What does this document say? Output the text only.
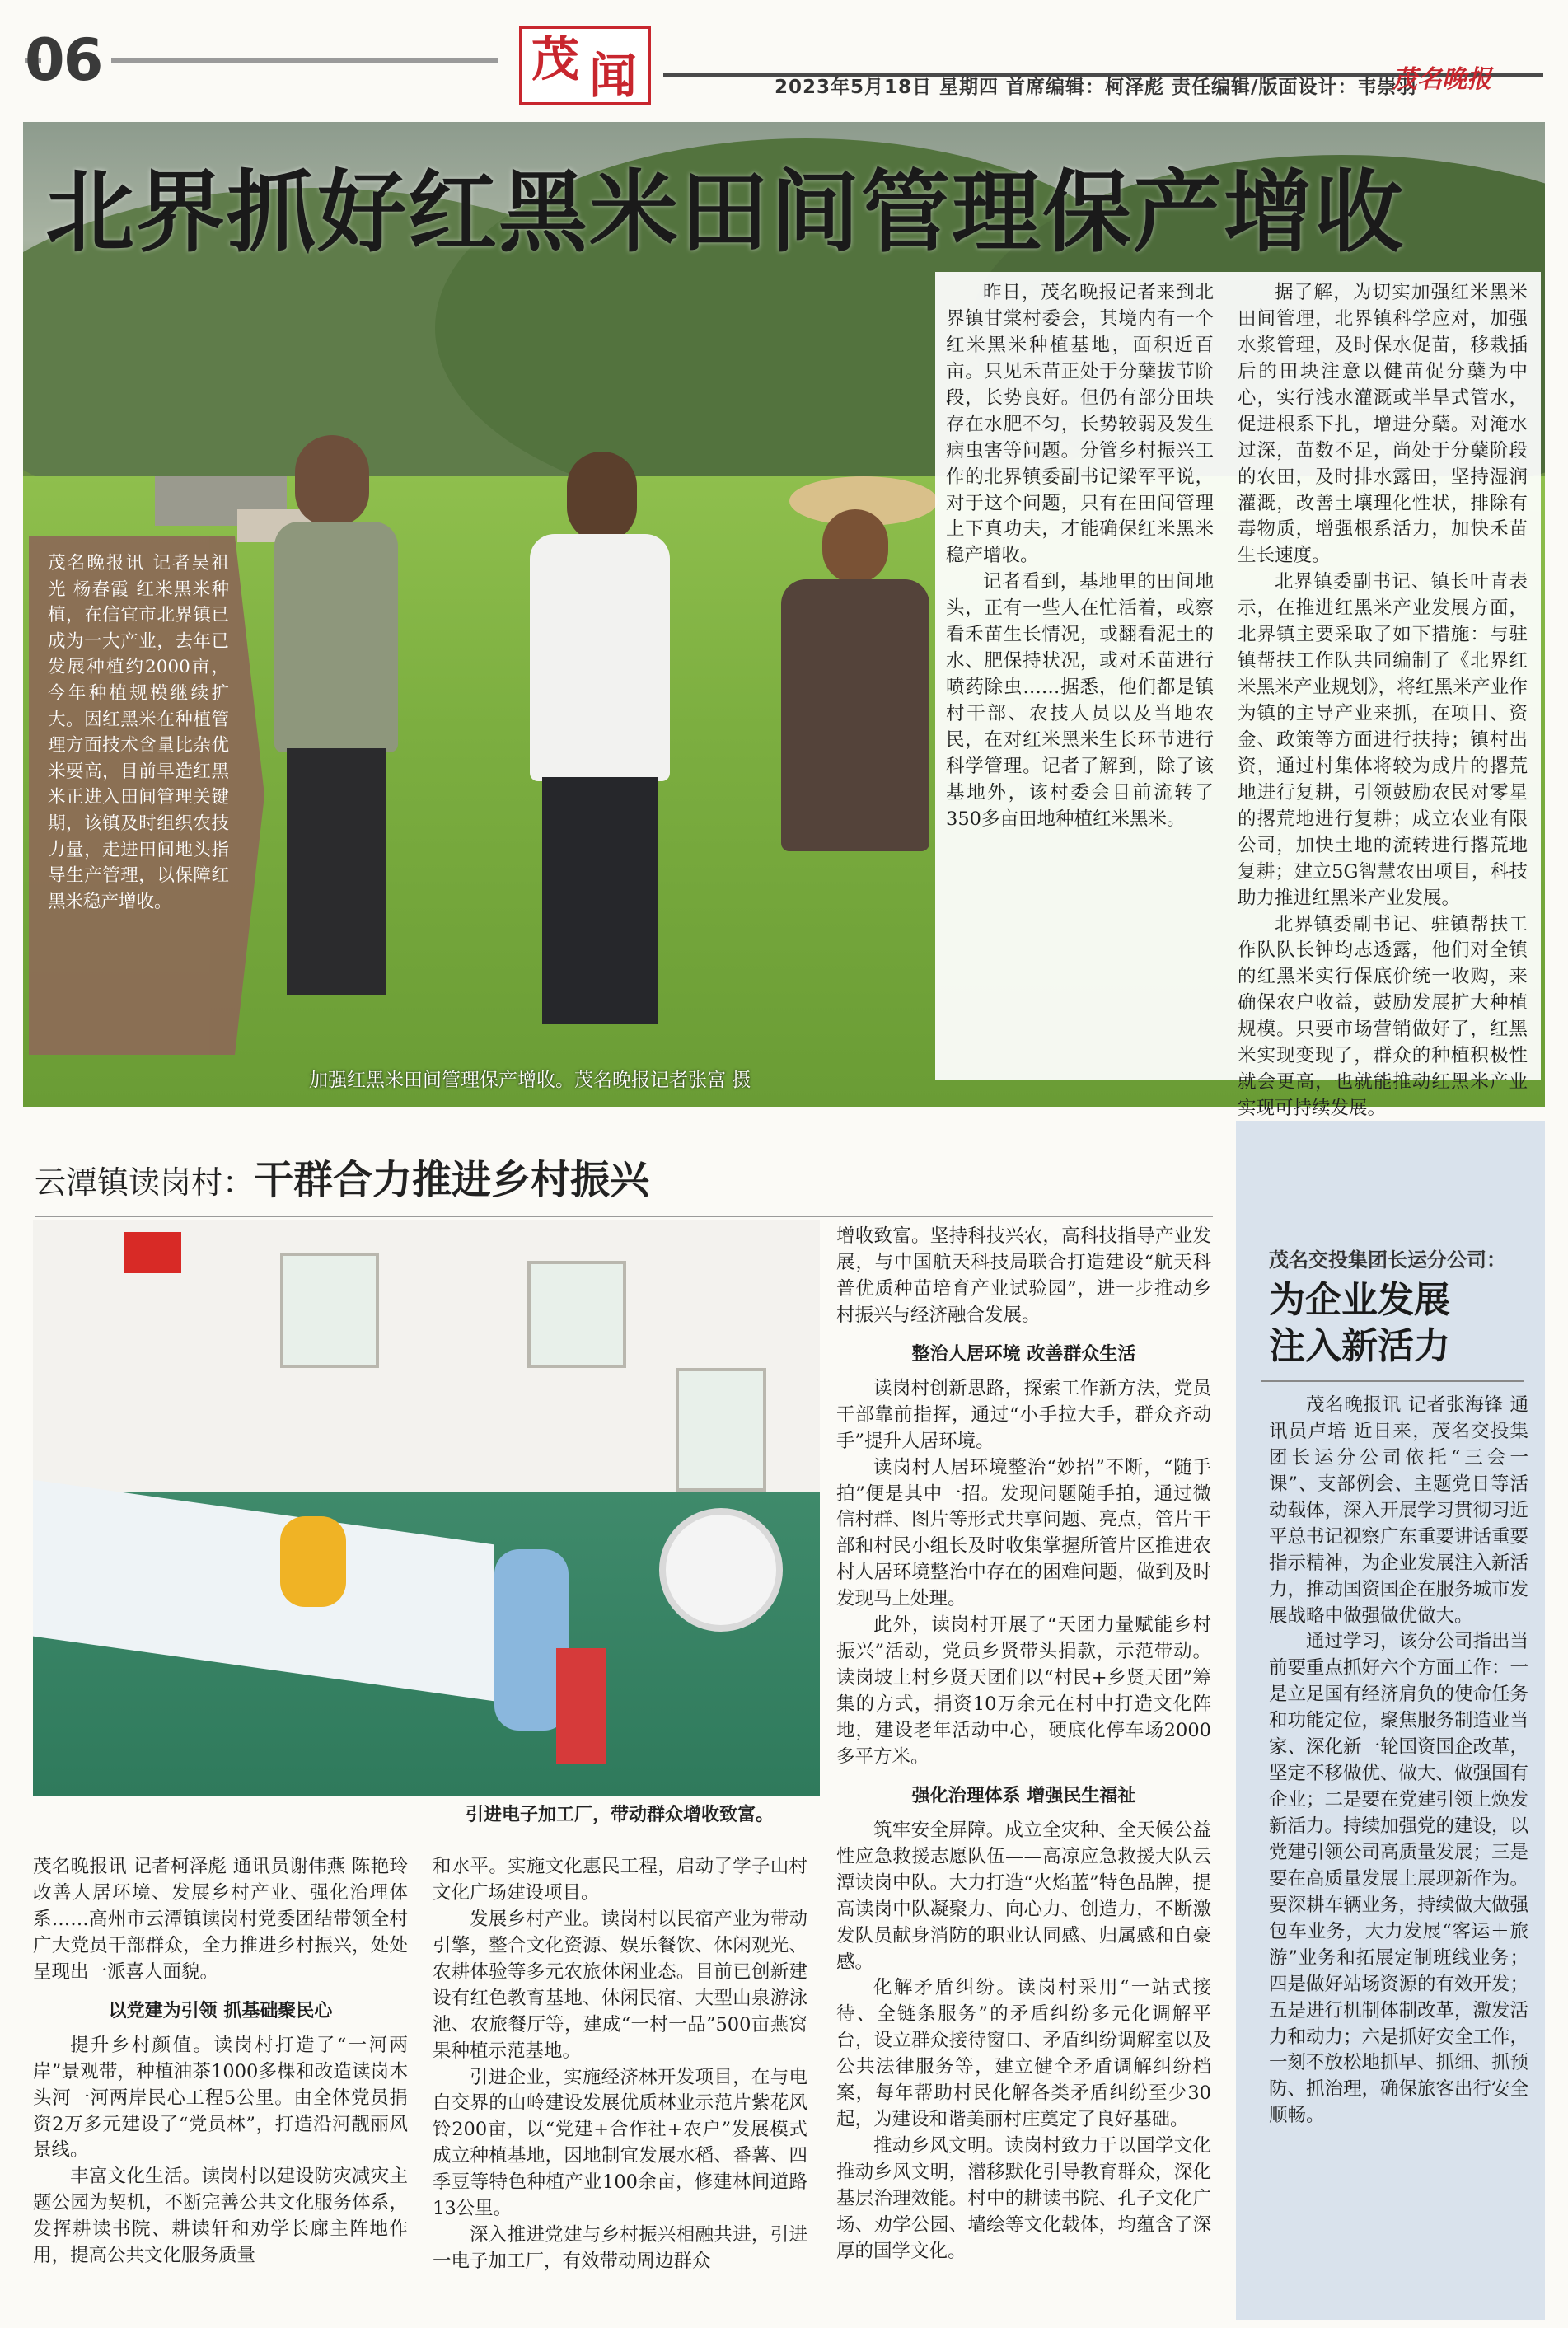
06	茂 闻	2023年5月18日 星期四 首席编辑：柯泽彪 责任编辑/版面设计：韦崇羽
茂名晚报
北界抓好红黑米田间管理保产增收
茂名晚报讯 记者吴祖光 杨春霞 红米黑米种植，在信宜市北界镇已成为一大产业，去年已发展种植约2000亩，今年种植规模继续扩大。因红黑米在种植管理方面技术含量比杂优米要高，目前早造红黑米正进入田间管理关键期，该镇及时组织农技力量，走进田间地头指导生产管理，以保障红黑米稳产增收。

昨日，茂名晚报记者来到北界镇甘棠村委会，其境内有一个红米黑米种植基地，面积近百亩。只见禾苗正处于分蘖拔节阶段，长势良好。但仍有部分田块存在水肥不匀，长势较弱及发生病虫害等问题。分管乡村振兴工作的北界镇委副书记梁军平说，对于这个问题，只有在田间管理上下真功夫，才能确保红米黑米稳产增收。

记者看到，基地里的田间地头，正有一些人在忙活着，或察看禾苗生长情况，或翻看泥土的水、肥保持状况，或对禾苗进行喷药除虫……据悉，他们都是镇村干部、农技人员以及当地农民，在对红米黑米生长环节进行科学管理。记者了解到，除了该基地外，该村委会目前流转了350多亩田地种植红米黑米。

据了解，为切实加强红米黑米田间管理，北界镇科学应对，加强水浆管理，及时保水促苗，移栽插后的田块注意以健苗促分蘖为中心，实行浅水灌溉或半旱式管水，促进根系下扎，增进分蘖。对淹水过深，苗数不足，尚处于分蘖阶段的农田，及时排水露田，坚持湿润灌溉，改善土壤理化性状，排除有毒物质，增强根系活力，加快禾苗生长速度。

北界镇委副书记、镇长叶青表示，在推进红黑米产业发展方面，北界镇主要采取了如下措施：与驻镇帮扶工作队共同编制了《北界红米黑米产业规划》，将红黑米产业作为镇的主导产业来抓，在项目、资金、政策等方面进行扶持；镇村出资，通过村集体将较为成片的撂荒地进行复耕，引领鼓励农民对零星的撂荒地进行复耕；成立农业有限公司，加快土地的流转进行撂荒地复耕；建立5G智慧农田项目，科技助力推进红黑米产业发展。

北界镇委副书记、驻镇帮扶工作队队长钟均志透露，他们对全镇的红黑米实行保底价统一收购，来确保农户收益，鼓励发展扩大种植规模。只要市场营销做好了，红黑米实现变现了，群众的种植积极性就会更高，也就能推动红黑米产业实现可持续发展。

加强红黑米田间管理保产增收。茂名晚报记者张富 摄
云潭镇读岗村：干群合力推进乡村振兴
引进电子加工厂，带动群众增收致富。

茂名晚报讯 记者柯泽彪 通讯员谢伟燕 陈艳玲 改善人居环境、发展乡村产业、强化治理体系……高州市云潭镇读岗村党委团结带领全村广大党员干部群众，全力推进乡村振兴，处处呈现出一派喜人面貌。

以党建为引领 抓基础聚民心

提升乡村颜值。读岗村打造了“一河两岸”景观带，种植油茶1000多棵和改造读岗木头河一河两岸民心工程5公里。由全体党员捐资2万多元建设了“党员林”，打造沿河靓丽风景线。

丰富文化生活。读岗村以建设防灾减灾主题公园为契机，不断完善公共文化服务体系，发挥耕读书院、耕读轩和劝学长廊主阵地作用，提高公共文化服务质量

和水平。实施文化惠民工程，启动了学子山村文化广场建设项目。

发展乡村产业。读岗村以民宿产业为带动引擎，整合文化资源、娱乐餐饮、休闲观光、农耕体验等多元农旅休闲业态。目前已创新建设有红色教育基地、休闲民宿、大型山泉游泳池、农旅餐厅等，建成“一村一品”500亩燕窝果种植示范基地。

引进企业，实施经济林开发项目，在与电白交界的山岭建设发展优质林业示范片紫花风铃200亩，以“党建+合作社+农户”发展模式成立种植基地，因地制宜发展水稻、番薯、四季豆等特色种植产业100余亩，修建林间道路13公里。

深入推进党建与乡村振兴相融共进，引进一电子加工厂，有效带动周边群众

增收致富。坚持科技兴农，高科技指导产业发展，与中国航天科技局联合打造建设“航天科普优质种苗培育产业试验园”，进一步推动乡村振兴与经济融合发展。

整治人居环境 改善群众生活

读岗村创新思路，探索工作新方法，党员干部靠前指挥，通过“小手拉大手，群众齐动手”提升人居环境。

读岗村人居环境整治“妙招”不断，“随手拍”便是其中一招。发现问题随手拍，通过微信村群、图片等形式共享问题、亮点，管片干部和村民小组长及时收集掌握所管片区推进农村人居环境整治中存在的困难问题，做到及时发现马上处理。

此外，读岗村开展了“天团力量赋能乡村振兴”活动，党员乡贤带头捐款，示范带动。读岗坡上村乡贤天团们以“村民+乡贤天团”筹集的方式，捐资10万余元在村中打造文化阵地，建设老年活动中心，硬底化停车场2000多平方米。

强化治理体系 增强民生福祉

筑牢安全屏障。成立全灾种、全天候公益性应急救援志愿队伍——高凉应急救援大队云潭读岗中队。大力打造“火焰蓝”特色品牌，提高读岗中队凝聚力、向心力、创造力，不断激发队员献身消防的职业认同感、归属感和自豪感。

化解矛盾纠纷。读岗村采用“一站式接待、全链条服务”的矛盾纠纷多元化调解平台，设立群众接待窗口、矛盾纠纷调解室以及公共法律服务等，建立健全矛盾调解纠纷档案，每年帮助村民化解各类矛盾纠纷至少30起，为建设和谐美丽村庄奠定了良好基础。

推动乡风文明。读岗村致力于以国学文化推动乡风文明，潜移默化引导教育群众，深化基层治理效能。村中的耕读书院、孔子文化广场、劝学公园、墙绘等文化载体，均蕴含了深厚的国学文化。

茂名交投集团长运分公司：
为企业发展
注入新活力

茂名晚报讯 记者张海锋 通讯员卢培 近日来，茂名交投集团长运分公司依托“三会一课”、支部例会、主题党日等活动载体，深入开展学习贯彻习近平总书记视察广东重要讲话重要指示精神，为企业发展注入新活力，推动国资国企在服务城市发展战略中做强做优做大。

通过学习，该分公司指出当前要重点抓好六个方面工作：一是立足国有经济肩负的使命任务和功能定位，聚焦服务制造业当家、深化新一轮国资国企改革，坚定不移做优、做大、做强国有企业；二是要在党建引领上焕发新活力。持续加强党的建设，以党建引领公司高质量发展；三是要在高质量发展上展现新作为。要深耕车辆业务，持续做大做强包车业务，大力发展“客运＋旅游”业务和拓展定制班线业务；四是做好站场资源的有效开发；五是进行机制体制改革，激发活力和动力；六是抓好安全工作，一刻不放松地抓早、抓细、抓预防、抓治理，确保旅客出行安全顺畅。
